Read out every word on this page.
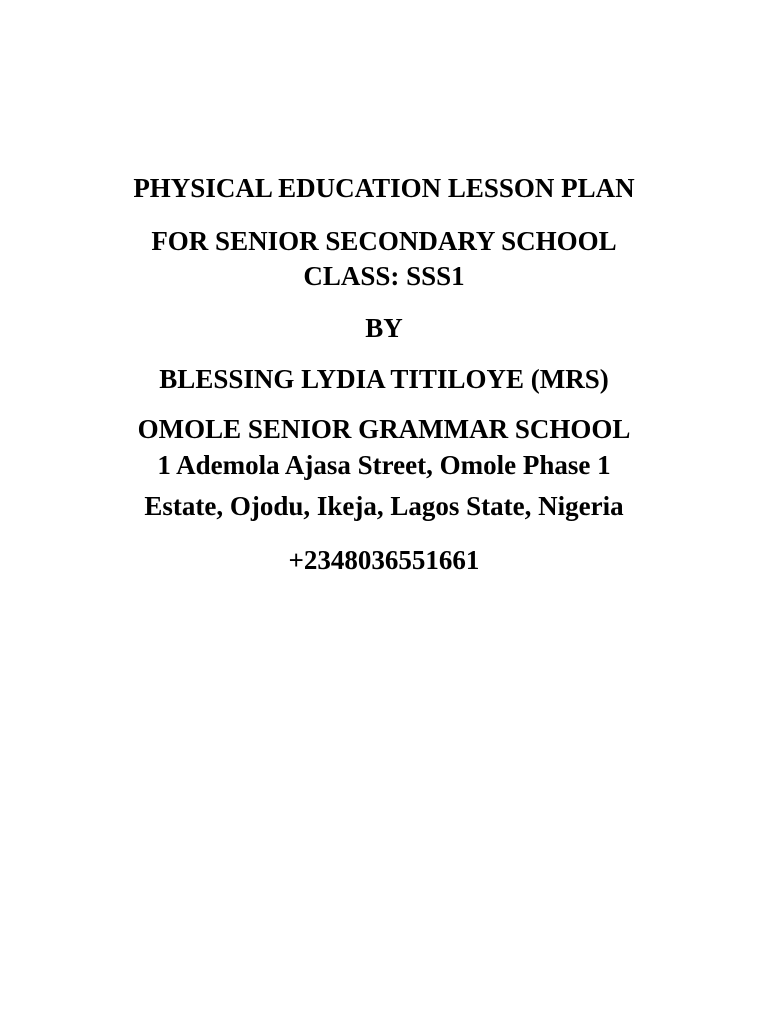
PHYSICAL EDUCATION LESSON PLAN
FOR SENIOR SECONDARY SCHOOL
CLASS: SSS1
BY
BLESSING LYDIA TITILOYE (MRS)
OMOLE SENIOR GRAMMAR SCHOOL
1 Ademola Ajasa Street, Omole Phase 1
Estate, Ojodu, Ikeja, Lagos State, Nigeria
+2348036551661
